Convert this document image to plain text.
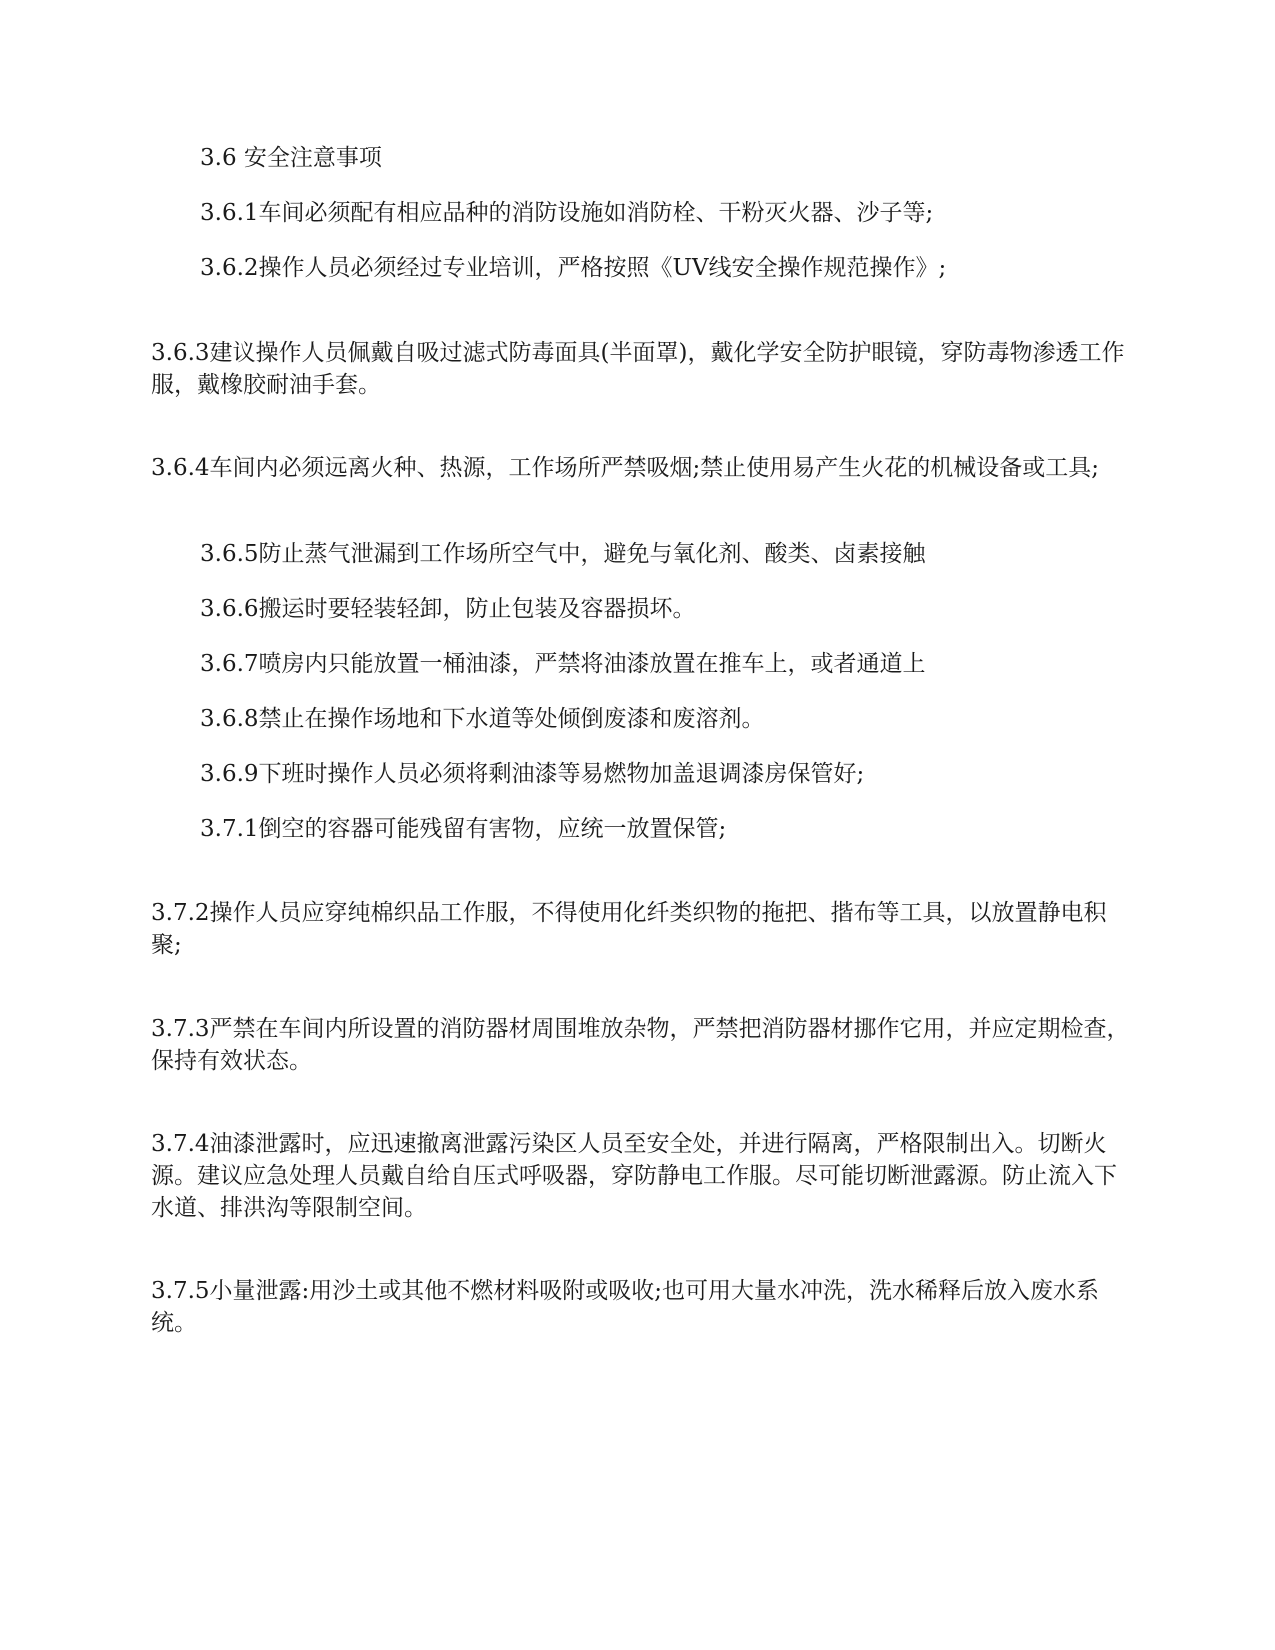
3.6 安全注意事项

3.6.1车间必须配有相应品种的消防设施如消防栓、干粉灭火器、沙子等;

3.6.2操作人员必须经过专业培训，严格按照《UV线安全操作规范操作》;

3.6.3建议操作人员佩戴自吸过滤式防毒面具(半面罩)，戴化学安全防护眼镜，穿防毒物渗透工作服，戴橡胶耐油手套。

3.6.4车间内必须远离火种、热源，工作场所严禁吸烟;禁止使用易产生火花的机械设备或工具;

3.6.5防止蒸气泄漏到工作场所空气中，避免与氧化剂、酸类、卤素接触

3.6.6搬运时要轻装轻卸，防止包装及容器损坏。

3.6.7喷房内只能放置一桶油漆，严禁将油漆放置在推车上，或者通道上

3.6.8禁止在操作场地和下水道等处倾倒废漆和废溶剂。

3.6.9下班时操作人员必须将剩油漆等易燃物加盖退调漆房保管好;

3.7.1倒空的容器可能残留有害物，应统一放置保管;

3.7.2操作人员应穿纯棉织品工作服，不得使用化纤类织物的拖把、揩布等工具，以放置静电积聚;

3.7.3严禁在车间内所设置的消防器材周围堆放杂物，严禁把消防器材挪作它用，并应定期检查，保持有效状态。

3.7.4油漆泄露时，应迅速撤离泄露污染区人员至安全处，并进行隔离，严格限制出入。切断火源。建议应急处理人员戴自给自压式呼吸器，穿防静电工作服。尽可能切断泄露源。防止流入下水道、排洪沟等限制空间。

3.7.5小量泄露:用沙土或其他不燃材料吸附或吸收;也可用大量水冲洗，洗水稀释后放入废水系统。
